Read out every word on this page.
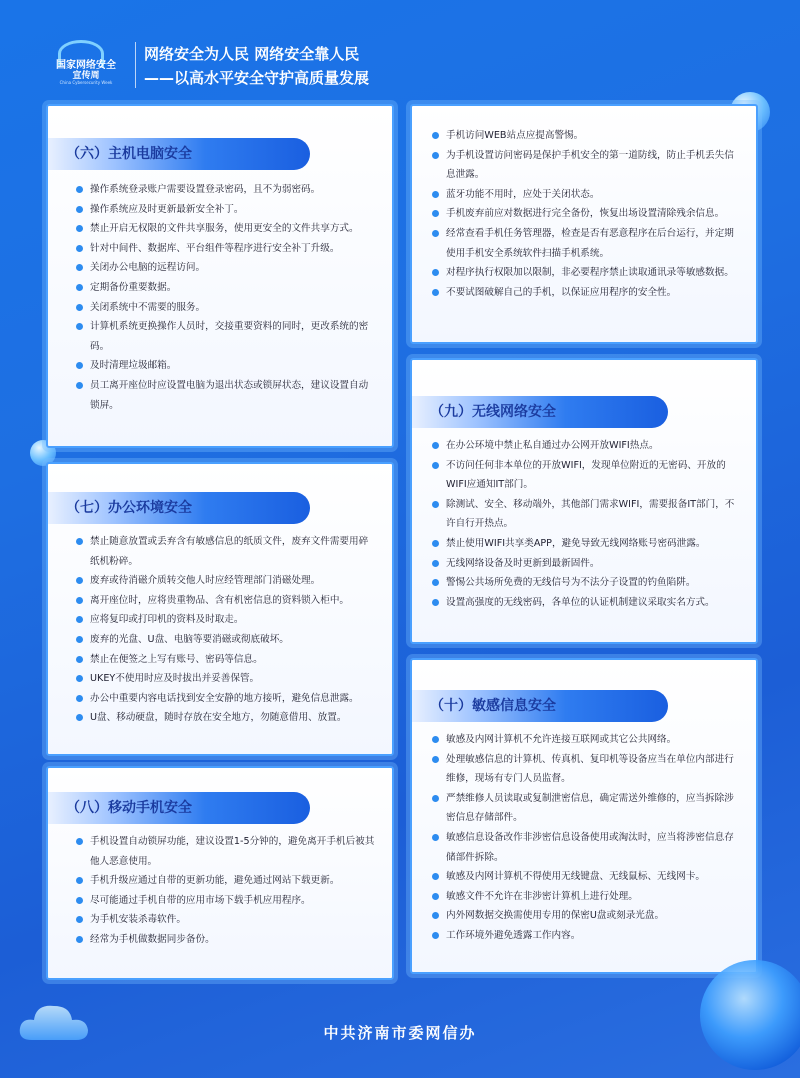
国家网络安全
宣传周
China Cybersecurity Week
网络安全为人民 网络安全靠人民
——以高水平安全守护高质量发展
（六）主机电脑安全
操作系统登录账户需要设置登录密码，且不为弱密码。
操作系统应及时更新最新安全补丁。
禁止开启无权限的文件共享服务，使用更安全的文件共享方式。
针对中间件、数据库、平台组件等程序进行安全补丁升级。
关闭办公电脑的远程访问。
定期备份重要数据。
关闭系统中不需要的服务。
计算机系统更换操作人员时，交接重要资料的同时，更改系统的密码。
及时清理垃圾邮箱。
员工离开座位时应设置电脑为退出状态或锁屏状态，建议设置自动锁屏。
（七）办公环境安全
禁止随意放置或丢弃含有敏感信息的纸质文件，废弃文件需要用碎纸机粉碎。
废弃或待消磁介质转交他人时应经管理部门消磁处理。
离开座位时，应将贵重物品、含有机密信息的资料锁入柜中。
应将复印或打印机的资料及时取走。
废弃的光盘、U盘、电脑等要消磁或彻底破坏。
禁止在便签之上写有账号、密码等信息。
UKEY不使用时应及时拔出并妥善保管。
办公中重要内容电话找到安全安静的地方接听，避免信息泄露。
U盘、移动硬盘，随时存放在安全地方，勿随意借用、放置。
（八）移动手机安全
手机设置自动锁屏功能，建议设置1-5分钟的，避免离开手机后被其他人恶意使用。
手机升级应通过自带的更新功能，避免通过网站下载更新。
尽可能通过手机自带的应用市场下载手机应用程序。
为手机安装杀毒软件。
经常为手机做数据同步备份。
手机访问WEB站点应提高警惕。
为手机设置访问密码是保护手机安全的第一道防线，防止手机丢失信息泄露。
蓝牙功能不用时，应处于关闭状态。
手机废弃前应对数据进行完全备份，恢复出场设置清除残余信息。
经常查看手机任务管理器，检查是否有恶意程序在后台运行，并定期使用手机安全系统软件扫描手机系统。
对程序执行权限加以限制，非必要程序禁止读取通讯录等敏感数据。
不要试图破解自己的手机，以保证应用程序的安全性。
（九）无线网络安全
在办公环境中禁止私自通过办公网开放WIFI热点。
不访问任何非本单位的开放WIFI，发现单位附近的无密码、开放的WIFI应通知IT部门。
除测试、安全、移动端外，其他部门需求WIFI，需要报备IT部门，不许自行开热点。
禁止使用WIFI共享类APP，避免导致无线网络账号密码泄露。
无线网络设备及时更新到最新固件。
警惕公共场所免费的无线信号为不法分子设置的钓鱼陷阱。
设置高强度的无线密码，各单位的认证机制建议采取实名方式。
（十）敏感信息安全
敏感及内网计算机不允许连接互联网或其它公共网络。
处理敏感信息的计算机、传真机、复印机等设备应当在单位内部进行维修，现场有专门人员监督。
严禁维修人员读取或复制泄密信息，确定需送外维修的，应当拆除涉密信息存储部件。
敏感信息设备改作非涉密信息设备使用或淘汰时，应当将涉密信息存储部件拆除。
敏感及内网计算机不得使用无线键盘、无线鼠标、无线网卡。
敏感文件不允许在非涉密计算机上进行处理。
内外网数据交换需使用专用的保密U盘或刻录光盘。
工作环境外避免透露工作内容。
中共济南市委网信办
